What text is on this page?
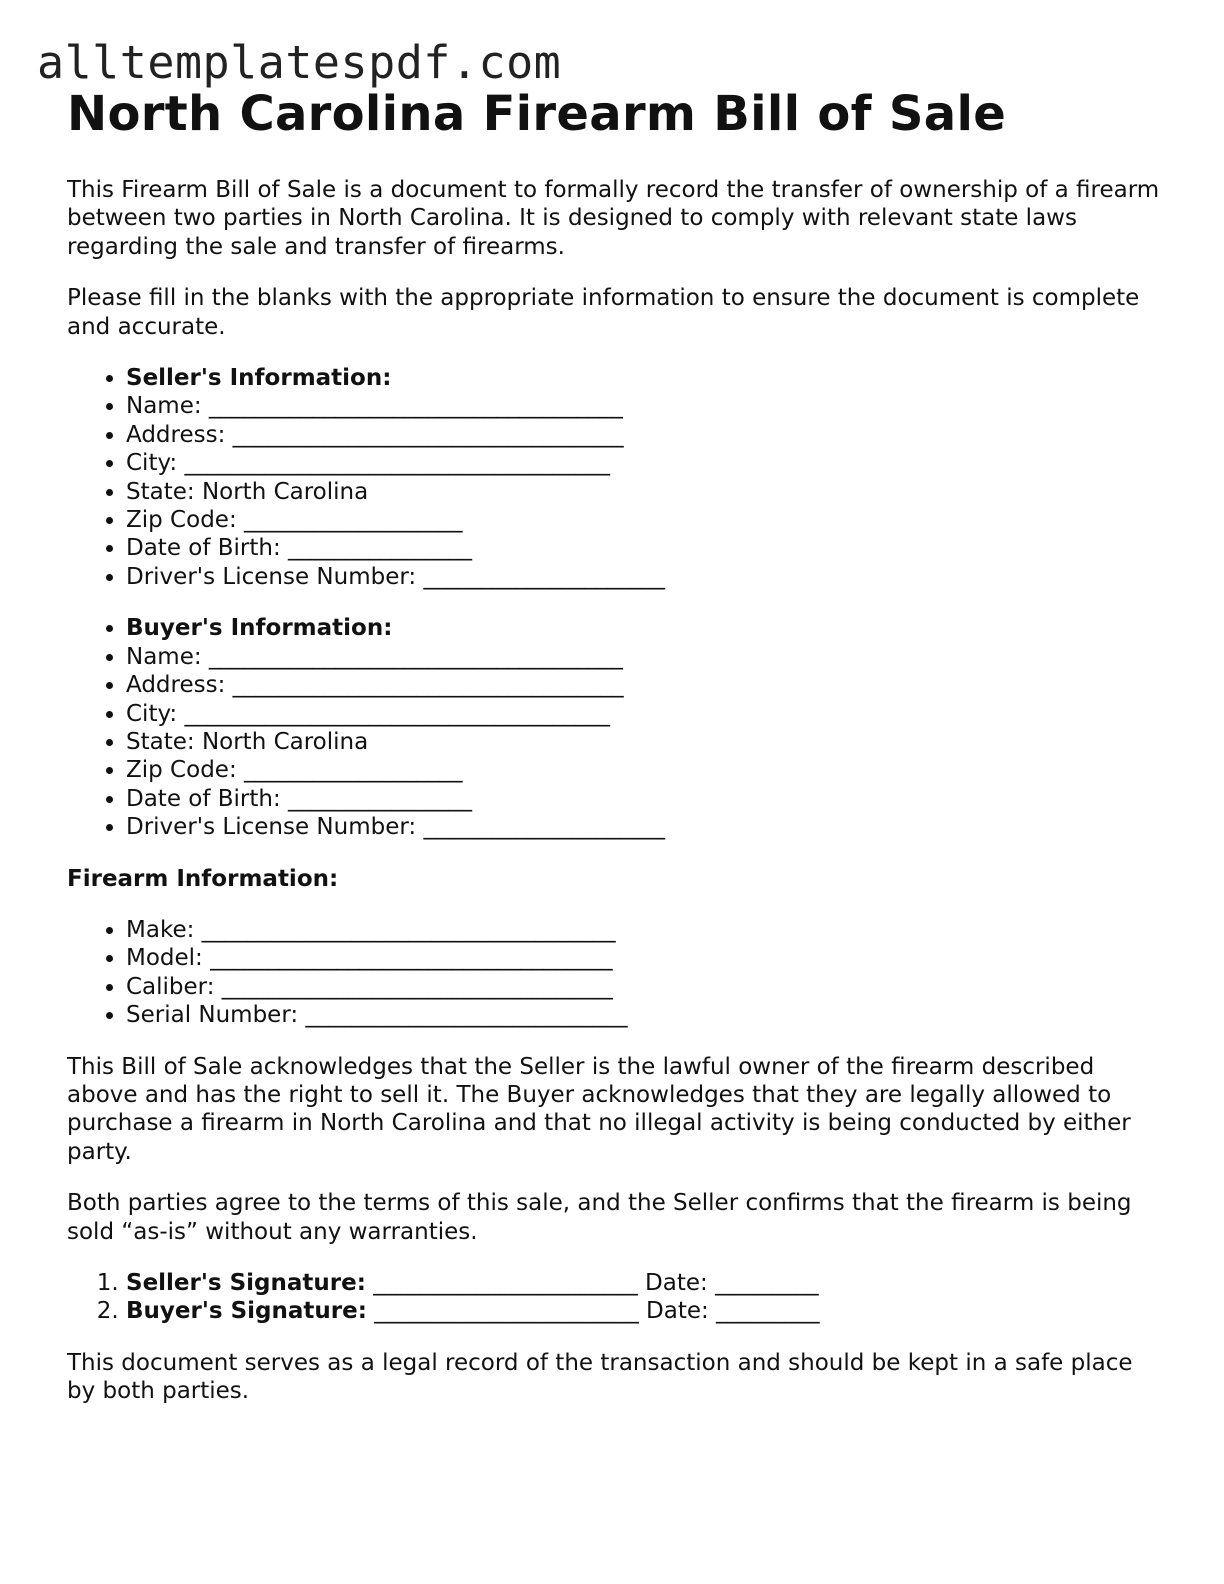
alltemplatespdf.com
North Carolina Firearm Bill of Sale

This Firearm Bill of Sale is a document to formally record the transfer of ownership of a firearm between two parties in North Carolina. It is designed to comply with relevant state laws regarding the sale and transfer of firearms.

Please fill in the blanks with the appropriate information to ensure the document is complete and accurate.

• Seller's Information:
• Name: ____________________________________
• Address: __________________________________
• City: _____________________________________
• State: North Carolina
• Zip Code: ___________________
• Date of Birth: ________________
• Driver's License Number: _____________________
• Buyer's Information:
• Name: ____________________________________
• Address: __________________________________
• City: _____________________________________
• State: North Carolina
• Zip Code: ___________________
• Date of Birth: ________________
• Driver's License Number: _____________________
Firearm Information:
• Make: ____________________________________
• Model: ___________________________________
• Caliber: __________________________________
• Serial Number: ____________________________

This Bill of Sale acknowledges that the Seller is the lawful owner of the firearm described above and has the right to sell it. The Buyer acknowledges that they are legally allowed to purchase a firearm in North Carolina and that no illegal activity is being conducted by either party.

Both parties agree to the terms of this sale, and the Seller confirms that the firearm is being sold “as-is” without any warranties.

1. Seller's Signature: _______________________ Date: _________
2. Buyer's Signature: _______________________ Date: _________

This document serves as a legal record of the transaction and should be kept in a safe place by both parties.
